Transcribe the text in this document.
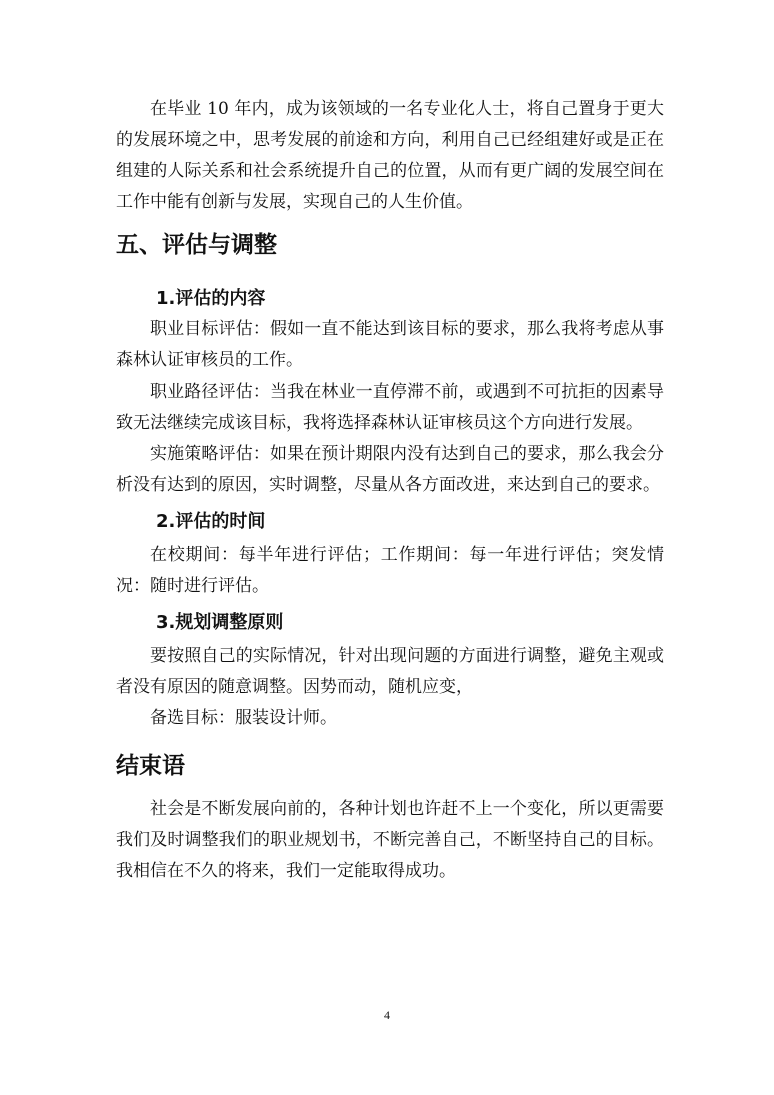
在毕业 10 年内，成为该领域的一名专业化人士，将自己置身于更大的发展环境之中，思考发展的前途和方向，利用自己已经组建好或是正在组建的人际关系和社会系统提升自己的位置，从而有更广阔的发展空间在工作中能有创新与发展，实现自己的人生价值。

五、评估与调整
1.评估的内容

职业目标评估：假如一直不能达到该目标的要求，那么我将考虑从事森林认证审核员的工作。

职业路径评估：当我在林业一直停滞不前，或遇到不可抗拒的因素导致无法继续完成该目标，我将选择森林认证审核员这个方向进行发展。

实施策略评估：如果在预计期限内没有达到自己的要求，那么我会分析没有达到的原因，实时调整，尽量从各方面改进，来达到自己的要求。

2.评估的时间

在校期间：每半年进行评估；工作期间：每一年进行评估；突发情况：随时进行评估。

3.规划调整原则

要按照自己的实际情况，针对出现问题的方面进行调整，避免主观或者没有原因的随意调整。因势而动，随机应变，

备选目标：服装设计师。

结束语

社会是不断发展向前的，各种计划也许赶不上一个变化，所以更需要我们及时调整我们的职业规划书，不断完善自己，不断坚持自己的目标。我相信在不久的将来，我们一定能取得成功。

4
